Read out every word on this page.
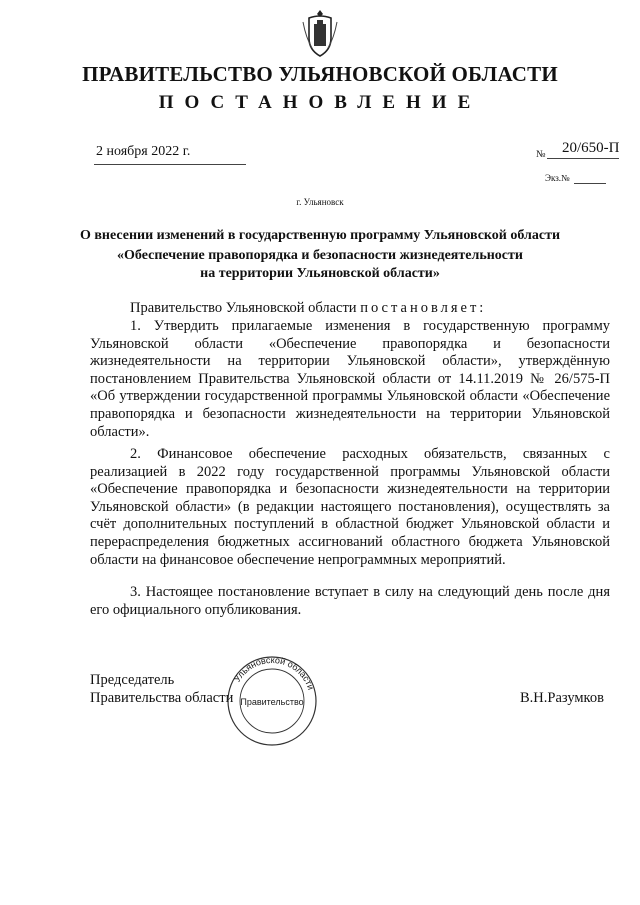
ПРАВИТЕЛЬСТВО УЛЬЯНОВСКОЙ ОБЛАСТИ
ПОСТАНОВЛЕНИЕ
2 ноября 2022 г.	№ 20/650-П
Экз.№
г. Ульяновск
О внесении изменений в государственную программу Ульяновской области
«Обеспечение правопорядка и безопасности жизнедеятельности
на территории Ульяновской области»
Правительство Ульяновской области постановляет:
1. Утвердить прилагаемые изменения в государственную программу Ульяновской области «Обеспечение правопорядка и безопасности жизнедеятельности на территории Ульяновской области», утверждённую постановлением Правительства Ульяновской области от 14.11.2019 № 26/575-П «Об утверждении государственной программы Ульяновской области «Обеспечение правопорядка и безопасности жизнедеятельности на территории Ульяновской области».
2. Финансовое обеспечение расходных обязательств, связанных с реализацией в 2022 году государственной программы Ульяновской области «Обеспечение правопорядка и безопасности жизнедеятельности на территории Ульяновской области» (в редакции настоящего постановления), осуществлять за счёт дополнительных поступлений в областной бюджет Ульяновской области и перераспределения бюджетных ассигнований областного бюджета Ульяновской области на финансовое обеспечение непрограммных мероприятий.
3. Настоящее постановление вступает в силу на следующий день после дня его официального опубликования.
Председатель
Правительства области	В.Н.Разумков
Ульяновской области
Правительство
